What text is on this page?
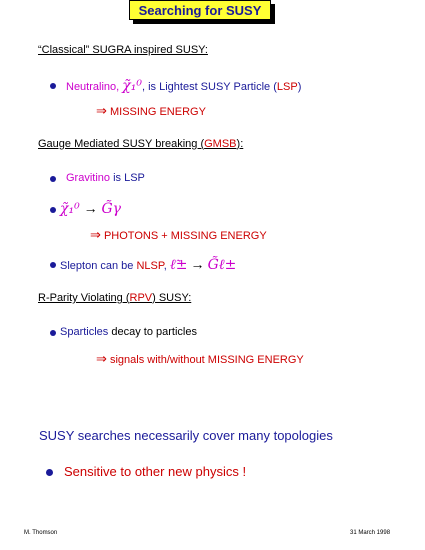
Searching for SUSY
“Classical” SUGRA inspired SUSY:
Neutralino, χ̃₁⁰, is Lightest SUSY Particle (LSP)
⇒ MISSING ENERGY
Gauge Mediated SUSY breaking (GMSB):
Gravitino is LSP
χ̃₁⁰ → G̃γ
⇒ PHOTONS + MISSING ENERGY
Slepton can be NLSP, ℓ̃± → G̃ℓ±
R-Parity Violating (RPV) SUSY:
Sparticles decay to particles
⇒ signals with/without MISSING ENERGY
SUSY searches necessarily cover many topologies
Sensitive to other new physics !
M. Thomson	31 March 1998
